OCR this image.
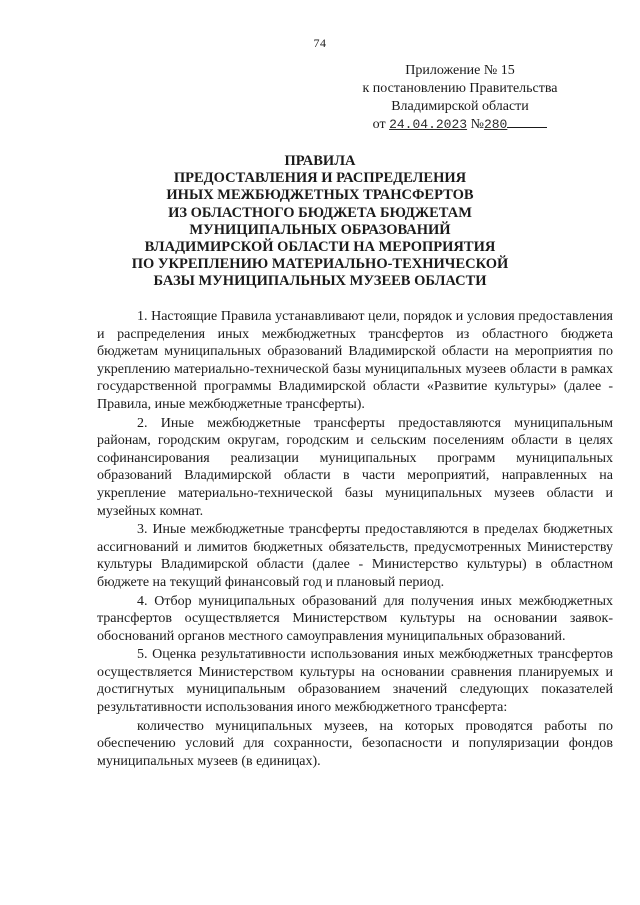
74
Приложение № 15
к постановлению Правительства
Владимирской области
от 24.04.2023 №280
ПРАВИЛА
ПРЕДОСТАВЛЕНИЯ И РАСПРЕДЕЛЕНИЯ
ИНЫХ МЕЖБЮДЖЕТНЫХ ТРАНСФЕРТОВ
ИЗ ОБЛАСТНОГО БЮДЖЕТА БЮДЖЕТАМ
МУНИЦИПАЛЬНЫХ ОБРАЗОВАНИЙ
ВЛАДИМИРСКОЙ ОБЛАСТИ НА МЕРОПРИЯТИЯ
ПО УКРЕПЛЕНИЮ МАТЕРИАЛЬНО-ТЕХНИЧЕСКОЙ
БАЗЫ МУНИЦИПАЛЬНЫХ МУЗЕЕВ ОБЛАСТИ

1. Настоящие Правила устанавливают цели, порядок и условия предоставления и распределения иных межбюджетных трансфертов из областного бюджета бюджетам муниципальных образований Владимирской области на мероприятия по укреплению материально-технической базы муниципальных музеев области в рамках государственной программы Владимирской области «Развитие культуры» (далее - Правила, иные межбюджетные трансферты).

2. Иные межбюджетные трансферты предоставляются муниципальным районам, городским округам, городским и сельским поселениям области в целях софинансирования реализации муниципальных программ муниципальных образований Владимирской области в части мероприятий, направленных на укрепление материально-технической базы муниципальных музеев области и музейных комнат.

3. Иные межбюджетные трансферты предоставляются в пределах бюджетных ассигнований и лимитов бюджетных обязательств, предусмотренных Министерству культуры Владимирской области (далее - Министерство культуры) в областном бюджете на текущий финансовый год и плановый период.

4. Отбор муниципальных образований для получения иных межбюджетных трансфертов осуществляется Министерством культуры на основании заявок-обоснований органов местного самоуправления муниципальных образований.

5. Оценка результативности использования иных межбюджетных трансфертов осуществляется Министерством культуры на основании сравнения планируемых и достигнутых муниципальным образованием значений следующих показателей результативности использования иного межбюджетного трансферта:

количество муниципальных музеев, на которых проводятся работы по обеспечению условий для сохранности, безопасности и популяризации фондов муниципальных музеев (в единицах).
